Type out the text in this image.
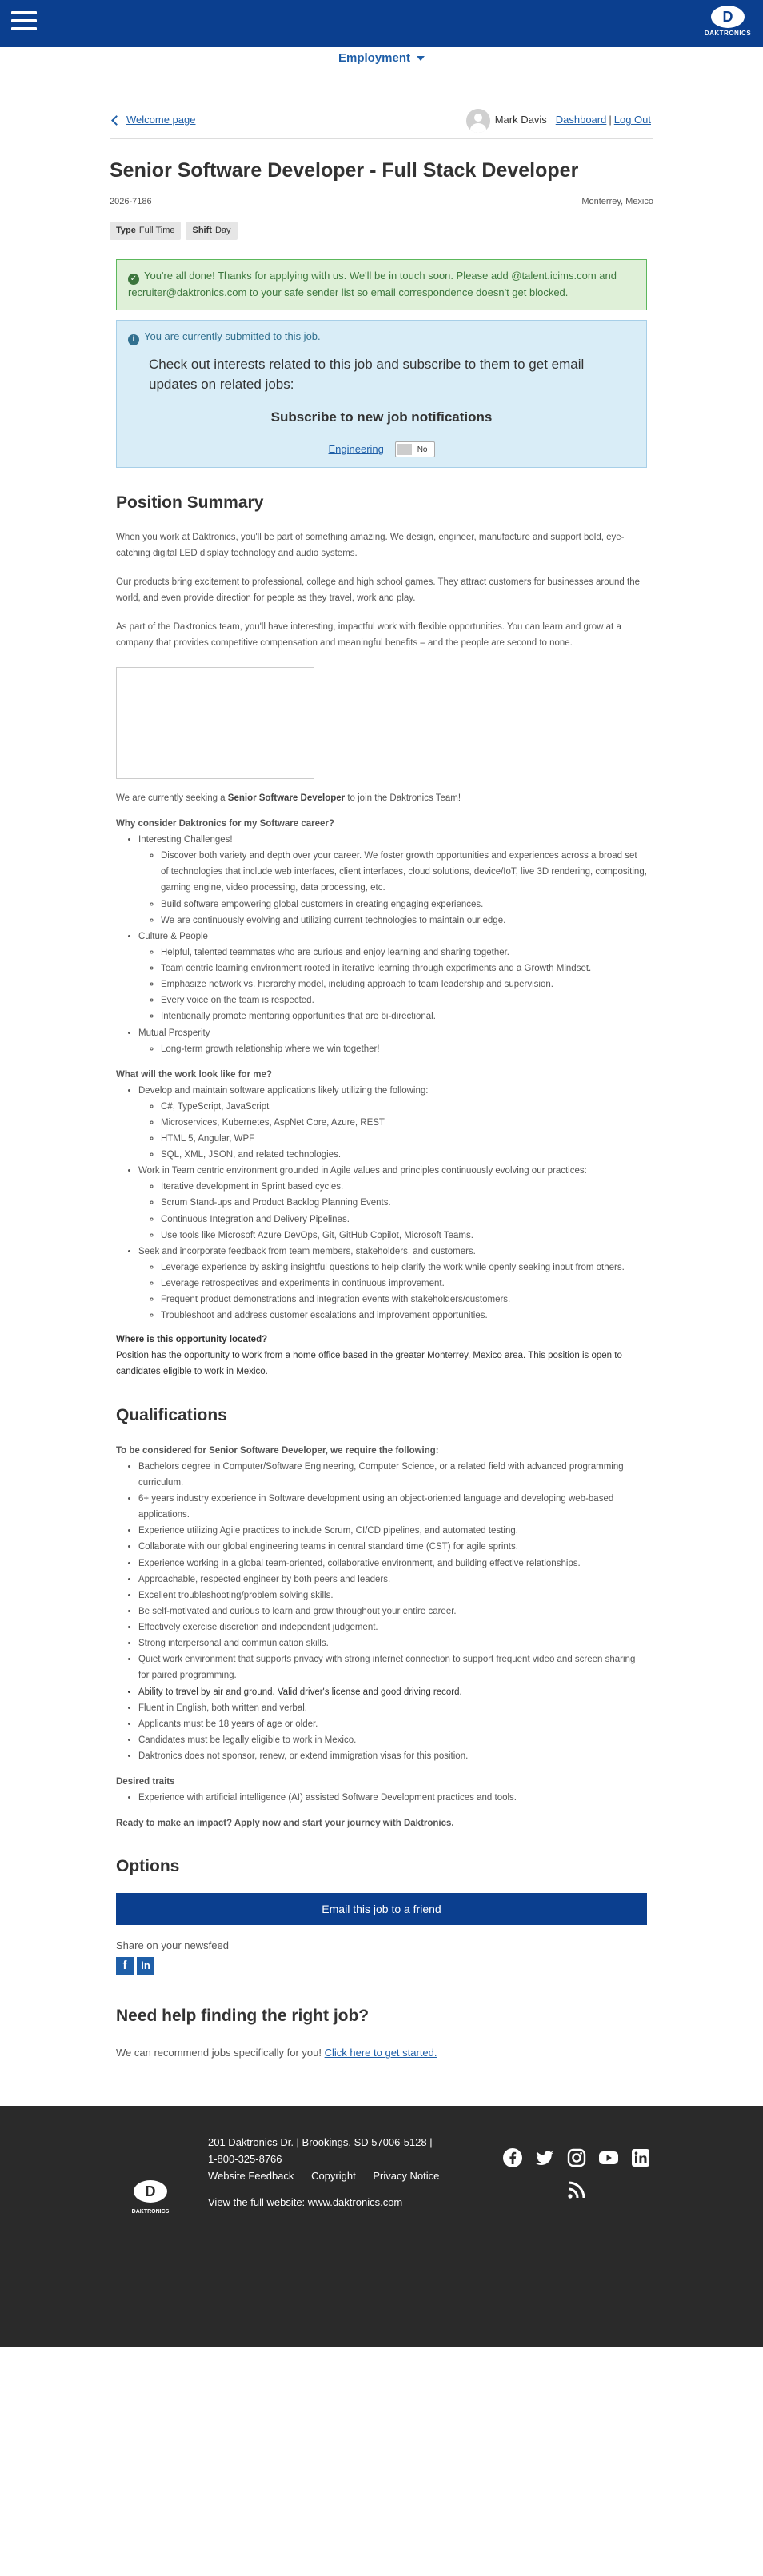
D
DAKTRONICS
Employment
Welcome page	Mark Davis Dashboard | Log Out
Senior Software Developer - Full Stack Developer
2026-7186	Monterrey, Mexico
Type Full Time	Shift Day
✓ You're all done! Thanks for applying with us. We'll be in touch soon. Please add @talent.icims.com and recruiter@daktronics.com to your safe sender list so email correspondence doesn't get blocked.
i You are currently submitted to this job.
Check out interests related to this job and subscribe to them to get email updates on related jobs:
Subscribe to new job notifications
Engineering	No
Position Summary

When you work at Daktronics, you'll be part of something amazing. We design, engineer, manufacture and support bold, eye-catching digital LED display technology and audio systems.

Our products bring excitement to professional, college and high school games. They attract customers for businesses around the world, and even provide direction for people as they travel, work and play.

As part of the Daktronics team, you'll have interesting, impactful work with flexible opportunities. You can learn and grow at a company that provides competitive compensation and meaningful benefits – and the people are second to none.

We are currently seeking a Senior Software Developer to join the Daktronics Team!

Why consider Daktronics for my Software career?
• Interesting Challenges!
◦ Discover both variety and depth over your career. We foster growth opportunities and experiences across a broad set of technologies that include web interfaces, client interfaces, cloud solutions, device/IoT, live 3D rendering, compositing, gaming engine, video processing, data processing, etc.
◦ Build software empowering global customers in creating engaging experiences.
◦ We are continuously evolving and utilizing current technologies to maintain our edge.
• Culture & People
◦ Helpful, talented teammates who are curious and enjoy learning and sharing together.
◦ Team centric learning environment rooted in iterative learning through experiments and a Growth Mindset.
◦ Emphasize network vs. hierarchy model, including approach to team leadership and supervision.
◦ Every voice on the team is respected.
◦ Intentionally promote mentoring opportunities that are bi-directional.
• Mutual Prosperity
◦ Long-term growth relationship where we win together!
What will the work look like for me?
• Develop and maintain software applications likely utilizing the following:
◦ C#, TypeScript, JavaScript
◦ Microservices, Kubernetes, AspNet Core, Azure, REST
◦ HTML 5, Angular, WPF
◦ SQL, XML, JSON, and related technologies.
• Work in Team centric environment grounded in Agile values and principles continuously evolving our practices:
◦ Iterative development in Sprint based cycles.
◦ Scrum Stand-ups and Product Backlog Planning Events.
◦ Continuous Integration and Delivery Pipelines.
◦ Use tools like Microsoft Azure DevOps, Git, GitHub Copilot, Microsoft Teams.
• Seek and incorporate feedback from team members, stakeholders, and customers.
◦ Leverage experience by asking insightful questions to help clarify the work while openly seeking input from others.
◦ Leverage retrospectives and experiments in continuous improvement.
◦ Frequent product demonstrations and integration events with stakeholders/customers.
◦ Troubleshoot and address customer escalations and improvement opportunities.
Where is this opportunity located?

Position has the opportunity to work from a home office based in the greater Monterrey, Mexico area. This position is open to candidates eligible to work in Mexico.

Qualifications

To be considered for Senior Software Developer, we require the following:

• Bachelors degree in Computer/Software Engineering, Computer Science, or a related field with advanced programming curriculum.
• 6+ years industry experience in Software development using an object-oriented language and developing web-based applications.
• Experience utilizing Agile practices to include Scrum, CI/CD pipelines, and automated testing.
• Collaborate with our global engineering teams in central standard time (CST) for agile sprints.
• Experience working in a global team-oriented, collaborative environment, and building effective relationships.
• Approachable, respected engineer by both peers and leaders.
• Excellent troubleshooting/problem solving skills.
• Be self-motivated and curious to learn and grow throughout your entire career.
• Effectively exercise discretion and independent judgement.
• Strong interpersonal and communication skills.
• Quiet work environment that supports privacy with strong internet connection to support frequent video and screen sharing for paired programming.
• Ability to travel by air and ground. Valid driver's license and good driving record.
• Fluent in English, both written and verbal.
• Applicants must be 18 years of age or older.
• Candidates must be legally eligible to work in Mexico.
• Daktronics does not sponsor, renew, or extend immigration visas for this position.
Desired traits
• Experience with artificial intelligence (AI) assisted Software Development practices and tools.

Ready to make an impact? Apply now and start your journey with Daktronics.

Options
Email this job to a friend
Share on your newsfeed
f	in
Need help finding the right job?

We can recommend jobs specifically for you! Click here to get started.

D
DAKTRONICS
201 Daktronics Dr. | Brookings, SD 57006-5128 |
1-800-325-8766
Website Feedback Copyright Privacy Notice
View the full website: www.daktronics.com
